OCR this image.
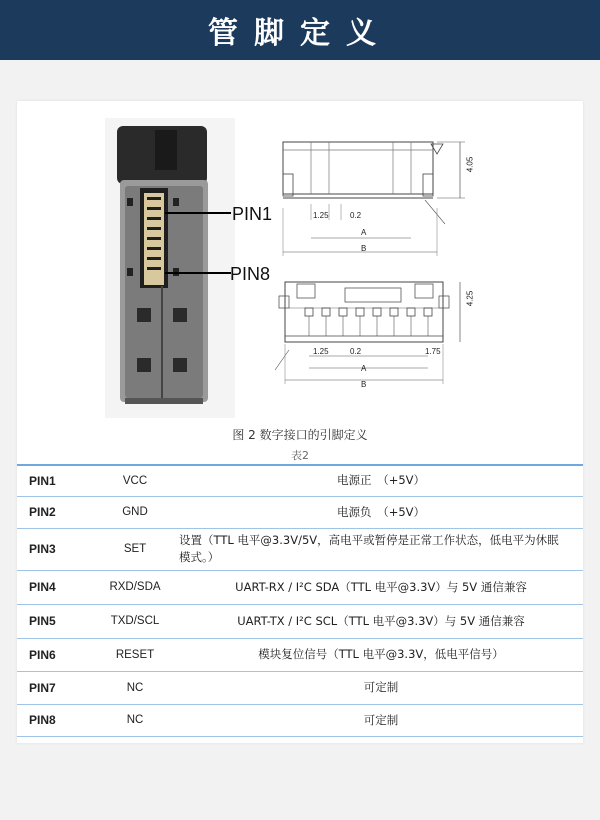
管脚定义
PIN1
PIN8
4.05
1.25	0.2
A
B
4.25
1.25	0.2	1.75
A
B
图 2 数字接口的引脚定义
表2
PIN1	VCC	电源正　（+5V）
PIN2	GND	电源负　（+5V）
PIN3	SET	设置（TTL 电平@3.3V/5V，高电平或暂停是正常工作状态，低电平为休眠模式。）
PIN4	RXD/SDA	UART-RX / I²C SDA（TTL 电平@3.3V）与 5V 通信兼容
PIN5	TXD/SCL	UART-TX / I²C SCL（TTL 电平@3.3V）与 5V 通信兼容
PIN6	RESET	模块复位信号（TTL 电平@3.3V，低电平信号）
PIN7	NC	可定制
PIN8	NC	可定制
